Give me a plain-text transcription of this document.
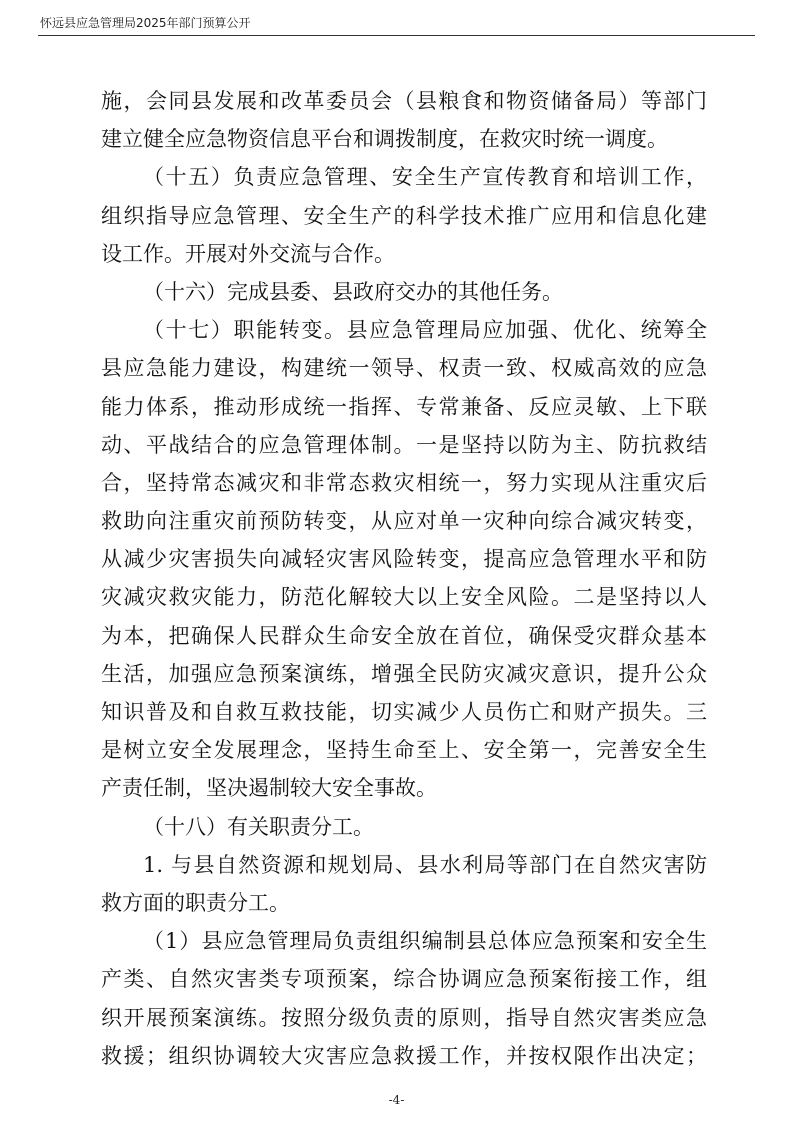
怀远县应急管理局2025年部门预算公开
施，会同县发展和改革委员会（县粮食和物资储备局）等部门
建立健全应急物资信息平台和调拨制度，在救灾时统一调度。
（十五）负责应急管理、安全生产宣传教育和培训工作，
组织指导应急管理、安全生产的科学技术推广应用和信息化建
设工作。开展对外交流与合作。
（十六）完成县委、县政府交办的其他任务。
（十七）职能转变。县应急管理局应加强、优化、统筹全
县应急能力建设，构建统一领导、权责一致、权威高效的应急
能力体系，推动形成统一指挥、专常兼备、反应灵敏、上下联
动、平战结合的应急管理体制。一是坚持以防为主、防抗救结
合，坚持常态减灾和非常态救灾相统一，努力实现从注重灾后
救助向注重灾前预防转变，从应对单一灾种向综合减灾转变，
从减少灾害损失向减轻灾害风险转变，提高应急管理水平和防
灾减灾救灾能力，防范化解较大以上安全风险。二是坚持以人
为本，把确保人民群众生命安全放在首位，确保受灾群众基本
生活，加强应急预案演练，增强全民防灾减灾意识，提升公众
知识普及和自救互救技能，切实减少人员伤亡和财产损失。三
是树立安全发展理念，坚持生命至上、安全第一，完善安全生
产责任制，坚决遏制较大安全事故。
（十八）有关职责分工。
1. 与县自然资源和规划局、县水利局等部门在自然灾害防
救方面的职责分工。
（1）县应急管理局负责组织编制县总体应急预案和安全生
产类、自然灾害类专项预案，综合协调应急预案衔接工作，组
织开展预案演练。按照分级负责的原则，指导自然灾害类应急
救援；组织协调较大灾害应急救援工作，并按权限作出决定；
-4-
